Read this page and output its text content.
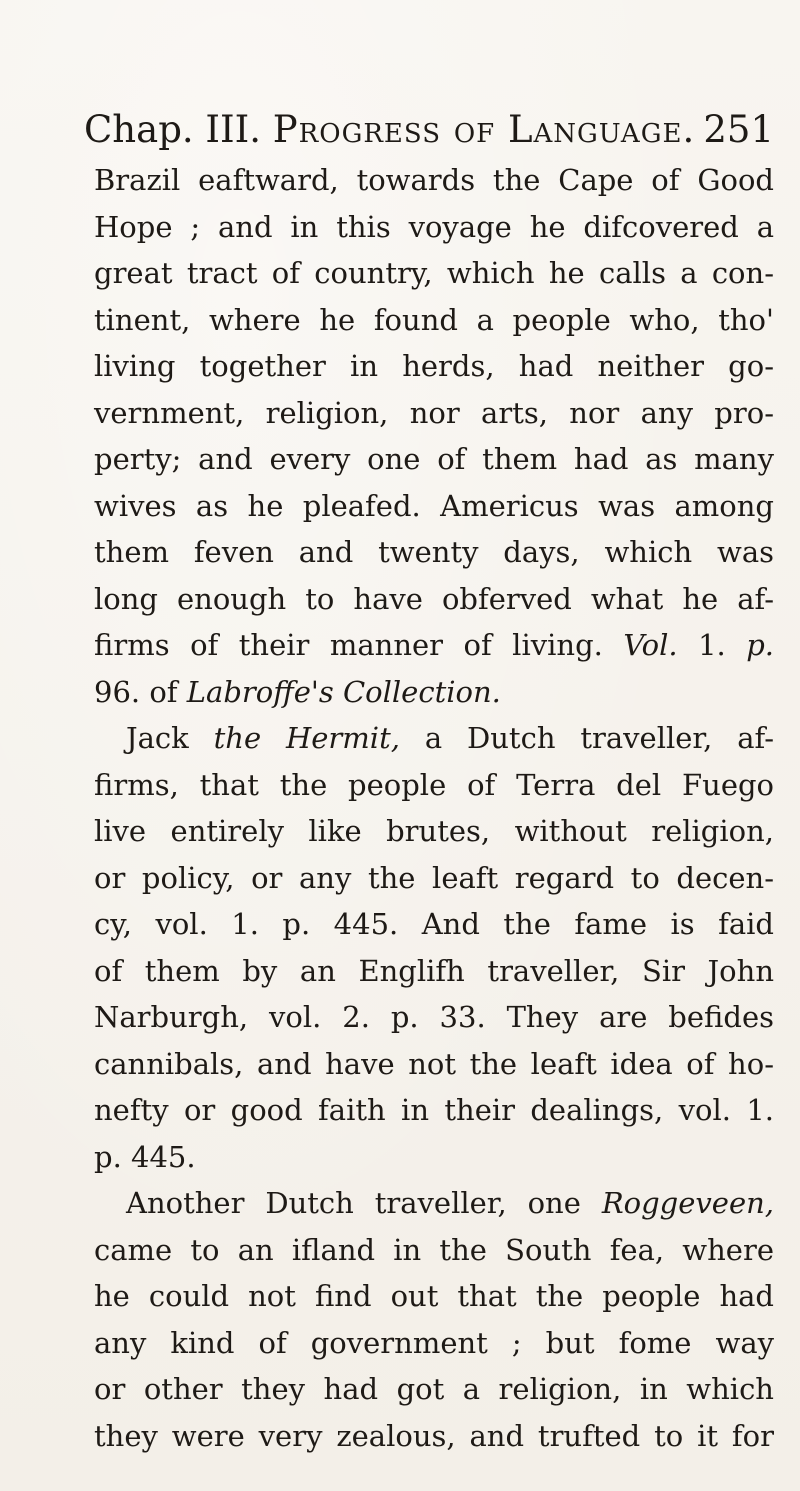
Chap. III. Progress of Language. 251
Brazil eaftward, towards the Cape of Good
Hope ; and in this voyage he difcovered a
great tract of country, which he calls a con-
tinent, where he found a people who, tho'
living together in herds, had neither go-
vernment, religion, nor arts, nor any pro-
perty; and every one of them had as many
wives as he pleafed. Americus was among
them feven and twenty days, which was
long enough to have obferved what he af-
firms of their manner of living. Vol. 1. p.
96. of Labroffe's Collection.
Jack the Hermit, a Dutch traveller, af-
firms, that the people of Terra del Fuego
live entirely like brutes, without religion,
or policy, or any the leaft regard to decen-
cy, vol. 1. p. 445. And the fame is faid
of them by an Englifh traveller, Sir John
Narburgh, vol. 2. p. 33. They are befides
cannibals, and have not the leaft idea of ho-
nefty or good faith in their dealings, vol. 1.
p. 445.
Another Dutch traveller, one Roggeveen,
came to an ifland in the South fea, where
he could not find out that the people had
any kind of government ; but fome way
or other they had got a religion, in which
they were very zealous, and trufted to it for
